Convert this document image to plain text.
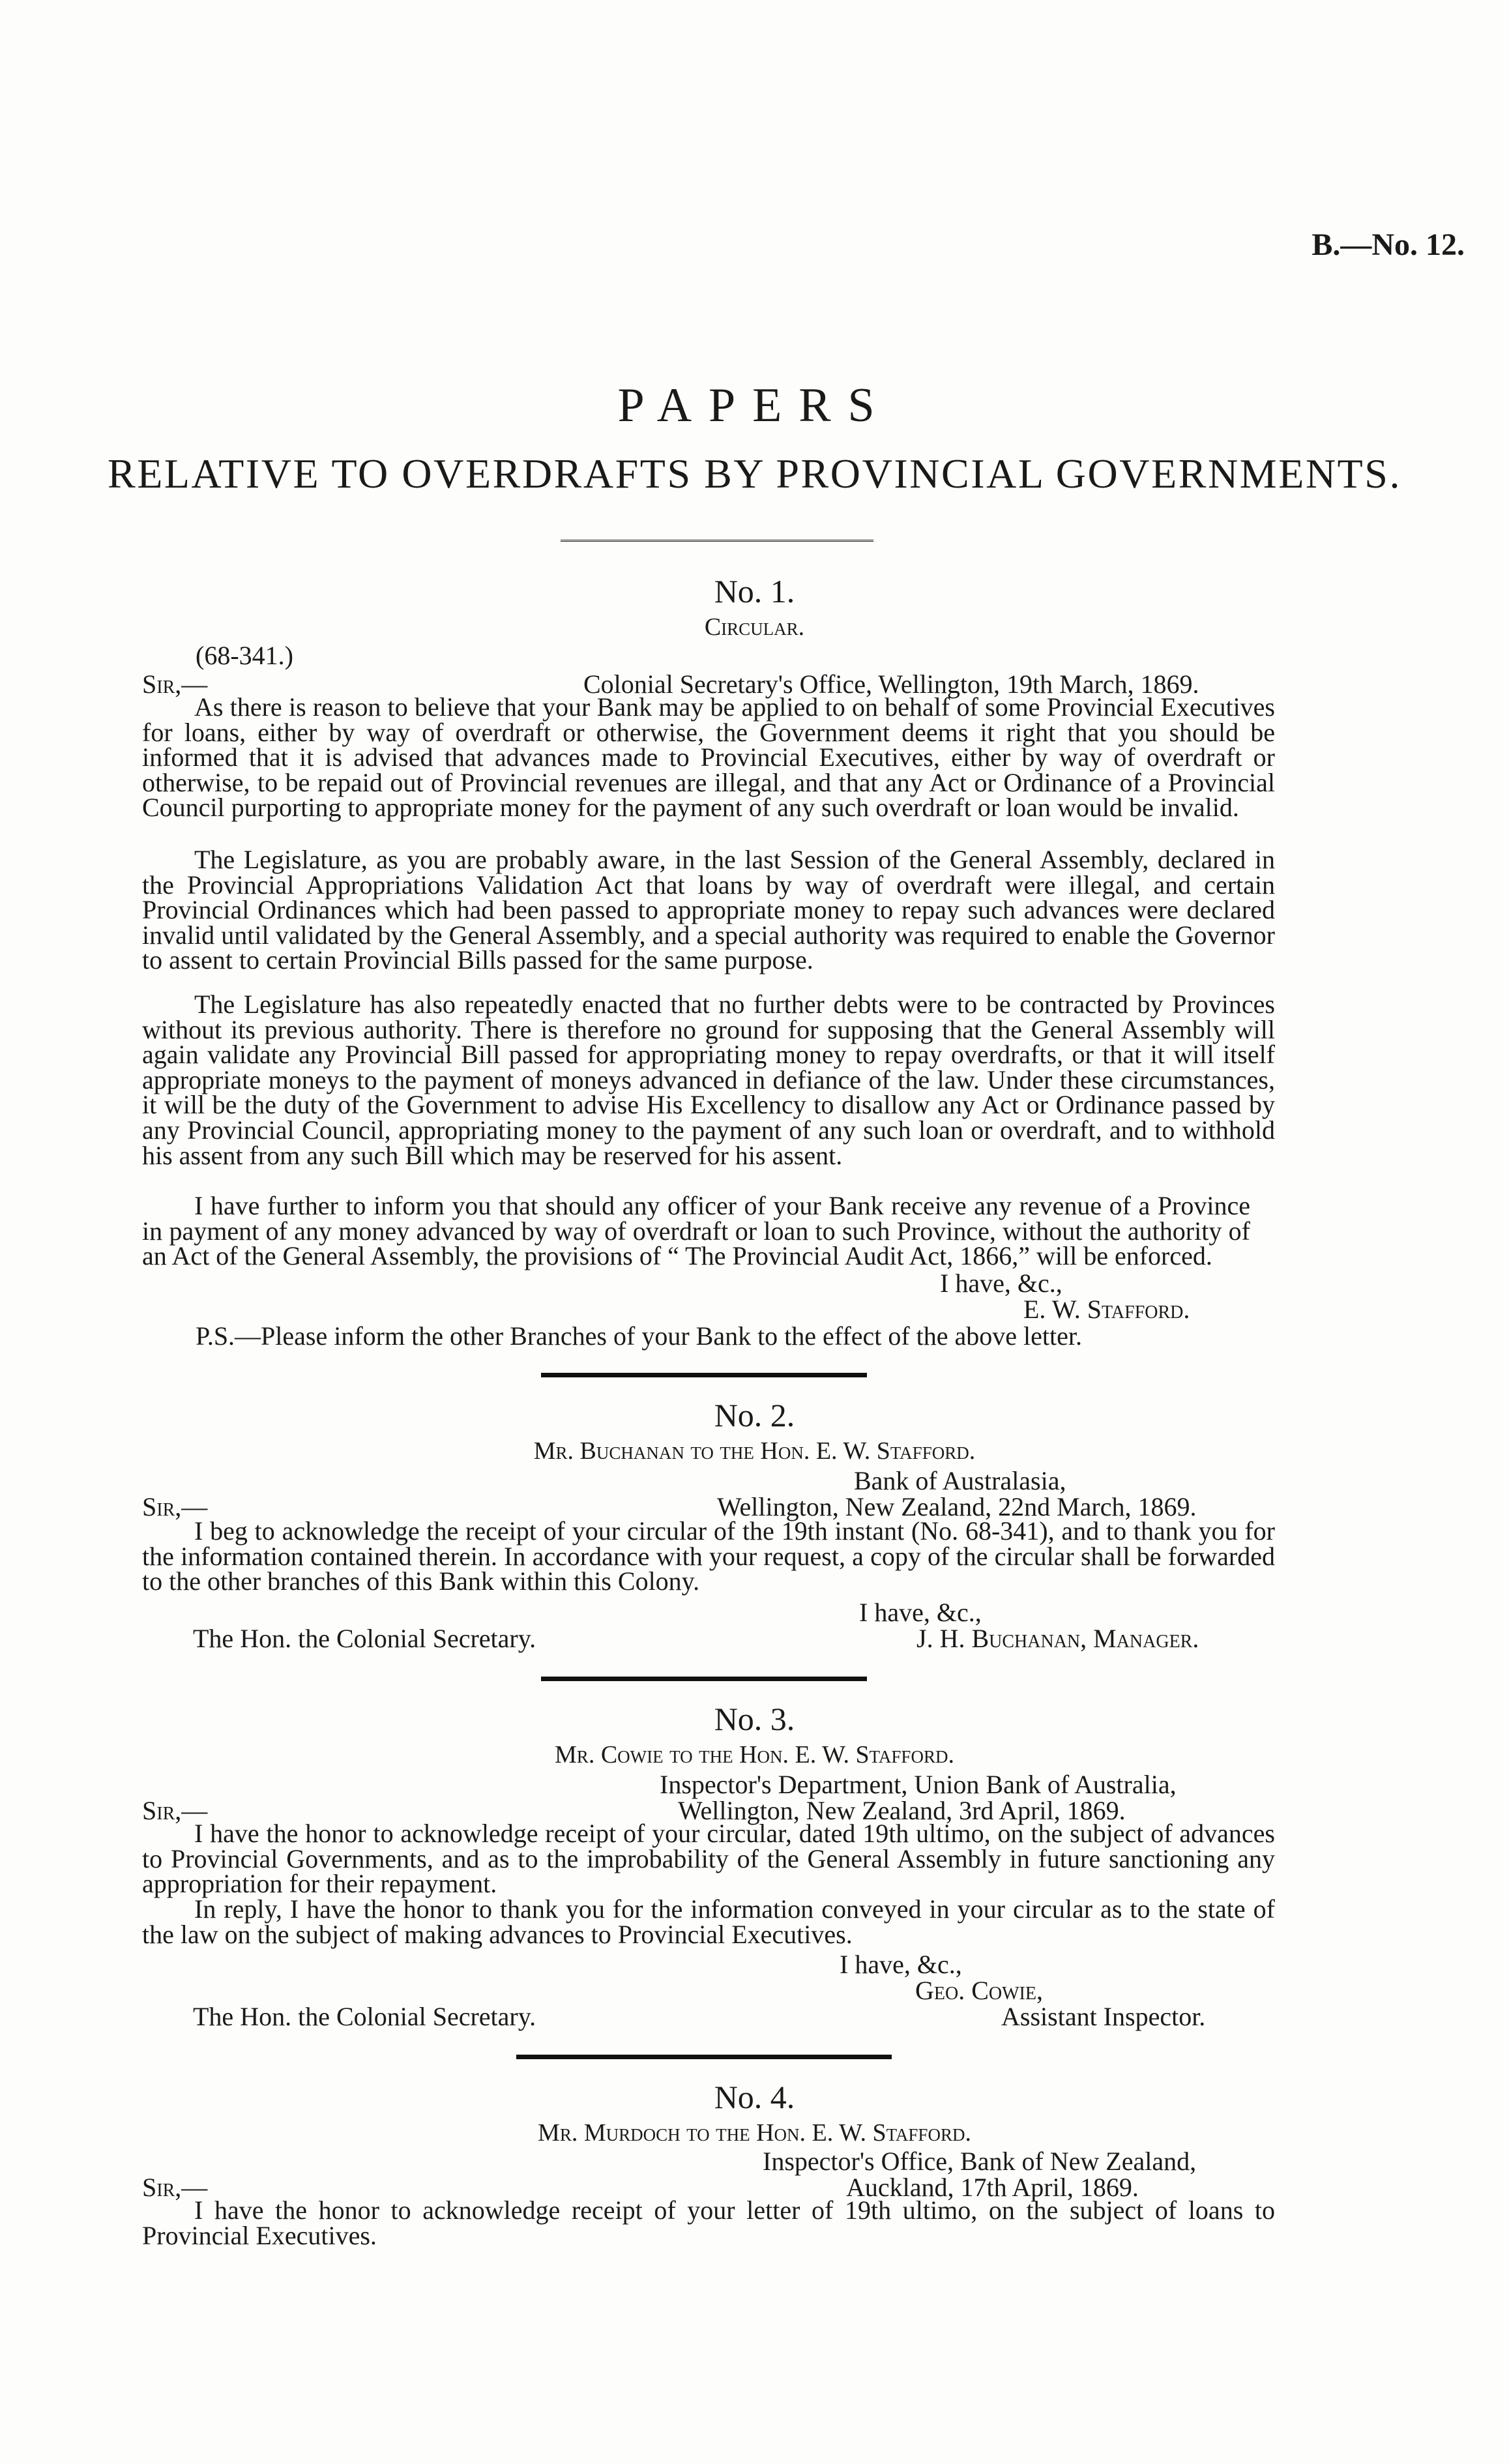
B.—No. 12.
PAPERS
RELATIVE TO OVERDRAFTS BY PROVINCIAL GOVERNMENTS.
No. 1.
Circular.
(68-341.)
Sir,—	Colonial Secretary's Office, Wellington, 19th March, 1869.
As there is reason to believe that your Bank may be applied to on behalf of some Provincial Executives for loans, either by way of overdraft or otherwise, the Government deems it right that you should be informed that it is advised that advances made to Provincial Executives, either by way of overdraft or otherwise, to be repaid out of Provincial revenues are illegal, and that any Act or Ordinance of a Provincial Council purporting to appropriate money for the payment of any such overdraft or loan would be invalid.
The Legislature, as you are probably aware, in the last Session of the General Assembly, declared in the Provincial Appropriations Validation Act that loans by way of overdraft were illegal, and certain Provincial Ordinances which had been passed to appropriate money to repay such advances were declared invalid until validated by the General Assembly, and a special authority was required to enable the Governor to assent to certain Provincial Bills passed for the same purpose.
The Legislature has also repeatedly enacted that no further debts were to be contracted by Provinces without its previous authority. There is therefore no ground for supposing that the General Assembly will again validate any Provincial Bill passed for appropriating money to repay overdrafts, or that it will itself appropriate moneys to the payment of moneys advanced in defiance of the law. Under these circumstances, it will be the duty of the Government to advise His Excellency to disallow any Act or Ordinance passed by any Provincial Council, appropriating money to the payment of any such loan or overdraft, and to withhold his assent from any such Bill which may be reserved for his assent.
I have further to inform you that should any officer of your Bank receive any revenue of a Province in payment of any money advanced by way of overdraft or loan to such Province, without the authority of an Act of the General Assembly, the provisions of “ The Provincial Audit Act, 1866,” will be enforced.
I have, &c.,
E. W. Stafford.
P.S.—Please inform the other Branches of your Bank to the effect of the above letter.
No. 2.
Mr. Buchanan to the Hon. E. W. Stafford.
Bank of Australasia,
Sir,—	Wellington, New Zealand, 22nd March, 1869.
I beg to acknowledge the receipt of your circular of the 19th instant (No. 68-341), and to thank you for the information contained therein. In accordance with your request, a copy of the circular shall be forwarded to the other branches of this Bank within this Colony.
I have, &c.,
The Hon. the Colonial Secretary.	J. H. Buchanan, Manager.
No. 3.
Mr. Cowie to the Hon. E. W. Stafford.
Inspector's Department, Union Bank of Australia,
Sir,—	Wellington, New Zealand, 3rd April, 1869.
I have the honor to acknowledge receipt of your circular, dated 19th ultimo, on the subject of advances to Provincial Governments, and as to the improbability of the General Assembly in future sanctioning any appropriation for their repayment.
In reply, I have the honor to thank you for the information conveyed in your circular as to the state of the law on the subject of making advances to Provincial Executives.
I have, &c.,
Geo. Cowie,
The Hon. the Colonial Secretary.	Assistant Inspector.
No. 4.
Mr. Murdoch to the Hon. E. W. Stafford.
Inspector's Office, Bank of New Zealand,
Sir,—	Auckland, 17th April, 1869.
I have the honor to acknowledge receipt of your letter of 19th ultimo, on the subject of loans to Provincial Executives.
